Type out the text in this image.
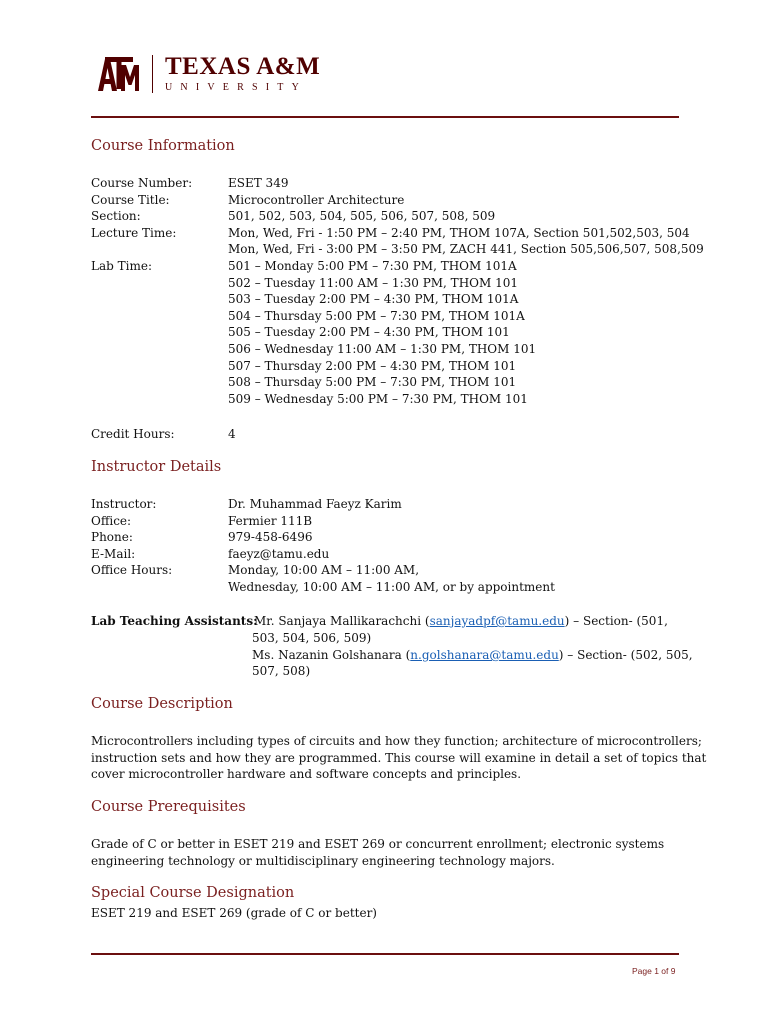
TEXAS A&M
UNIVERSITY
Course Information
Course Number:	ESET 349
Course Title:	Microcontroller Architecture
Section:	501, 502, 503, 504, 505, 506, 507, 508, 509
Lecture Time:	Mon, Wed, Fri - 1:50 PM – 2:40 PM, THOM 107A, Section 501,502,503, 504
Mon, Wed, Fri - 3:00 PM – 3:50 PM, ZACH 441, Section 505,506,507, 508,509
Lab Time:	501 – Monday 5:00 PM – 7:30 PM, THOM 101A
502 – Tuesday 11:00 AM – 1:30 PM, THOM 101
503 – Tuesday 2:00 PM – 4:30 PM, THOM 101A
504 – Thursday 5:00 PM – 7:30 PM, THOM 101A
505 – Tuesday 2:00 PM – 4:30 PM, THOM 101
506 – Wednesday 11:00 AM – 1:30 PM, THOM 101
507 – Thursday 2:00 PM – 4:30 PM, THOM 101
508 – Thursday 5:00 PM – 7:30 PM, THOM 101
509 – Wednesday 5:00 PM – 7:30 PM, THOM 101
Credit Hours:	4
Instructor Details
Instructor:	Dr. Muhammad Faeyz Karim
Office:	Fermier 111B
Phone:	979-458-6496
E-Mail:	faeyz@tamu.edu
Office Hours:	Monday, 10:00 AM – 11:00 AM,
Wednesday, 10:00 AM – 11:00 AM, or by appointment
Lab Teaching Assistants:
Mr. Sanjaya Mallikarachchi (sanjayadpf@tamu.edu) – Section- (501,
503, 504, 506, 509)
Ms. Nazanin Golshanara (n.golshanara@tamu.edu) – Section- (502, 505,
507, 508)
Course Description
Microcontrollers including types of circuits and how they function; architecture of microcontrollers;
instruction sets and how they are programmed. This course will examine in detail a set of topics that
cover microcontroller hardware and software concepts and principles.
Course Prerequisites
Grade of C or better in ESET 219 and ESET 269 or concurrent enrollment; electronic systems
engineering technology or multidisciplinary engineering technology majors.
Special Course Designation
ESET 219 and ESET 269 (grade of C or better)
Page 1 of 9
